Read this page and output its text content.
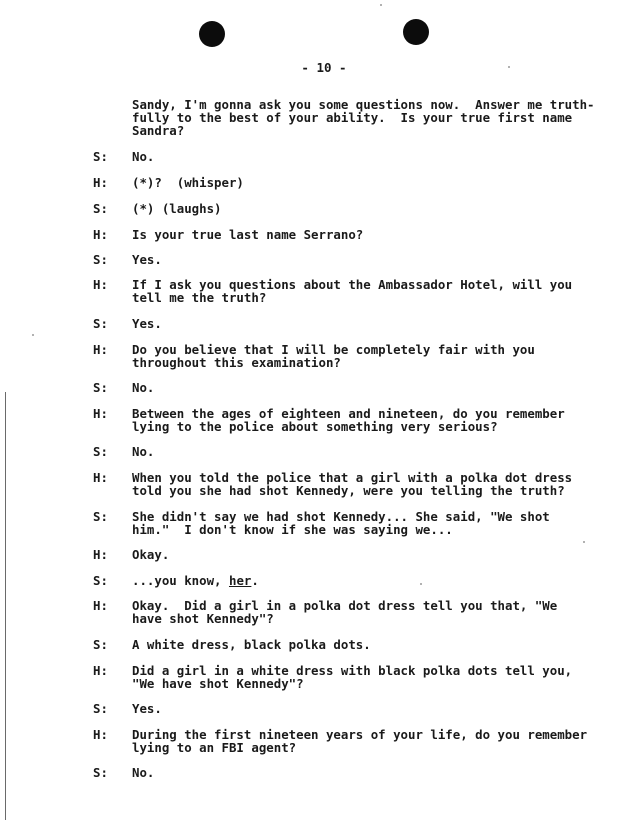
- 10 -

Sandy, I'm gonna ask you some questions now.  Answer me truth-
fully to the best of your ability.  Is your true first name
Sandra?

S:	No.
H:	(*)?  (whisper)
S:	(*) (laughs)
H:	Is your true last name Serrano?
S:	Yes.
H:	If I ask you questions about the Ambassador Hotel, will you
tell me the truth?
S:	Yes.
H:	Do you believe that I will be completely fair with you
throughout this examination?
S:	No.
H:	Between the ages of eighteen and nineteen, do you remember
lying to the police about something very serious?
S:	No.
H:	When you told the police that a girl with a polka dot dress
told you she had shot Kennedy, were you telling the truth?
S:	She didn't say we had shot Kennedy... She said, "We shot
him."  I don't know if she was saying we...
H:	Okay.
S:	...you know, her.
H:	Okay.  Did a girl in a polka dot dress tell you that, "We
have shot Kennedy"?
S:	A white dress, black polka dots.
H:	Did a girl in a white dress with black polka dots tell you,
"We have shot Kennedy"?
S:	Yes.
H:	During the first nineteen years of your life, do you remember
lying to an FBI agent?
S:	No.
